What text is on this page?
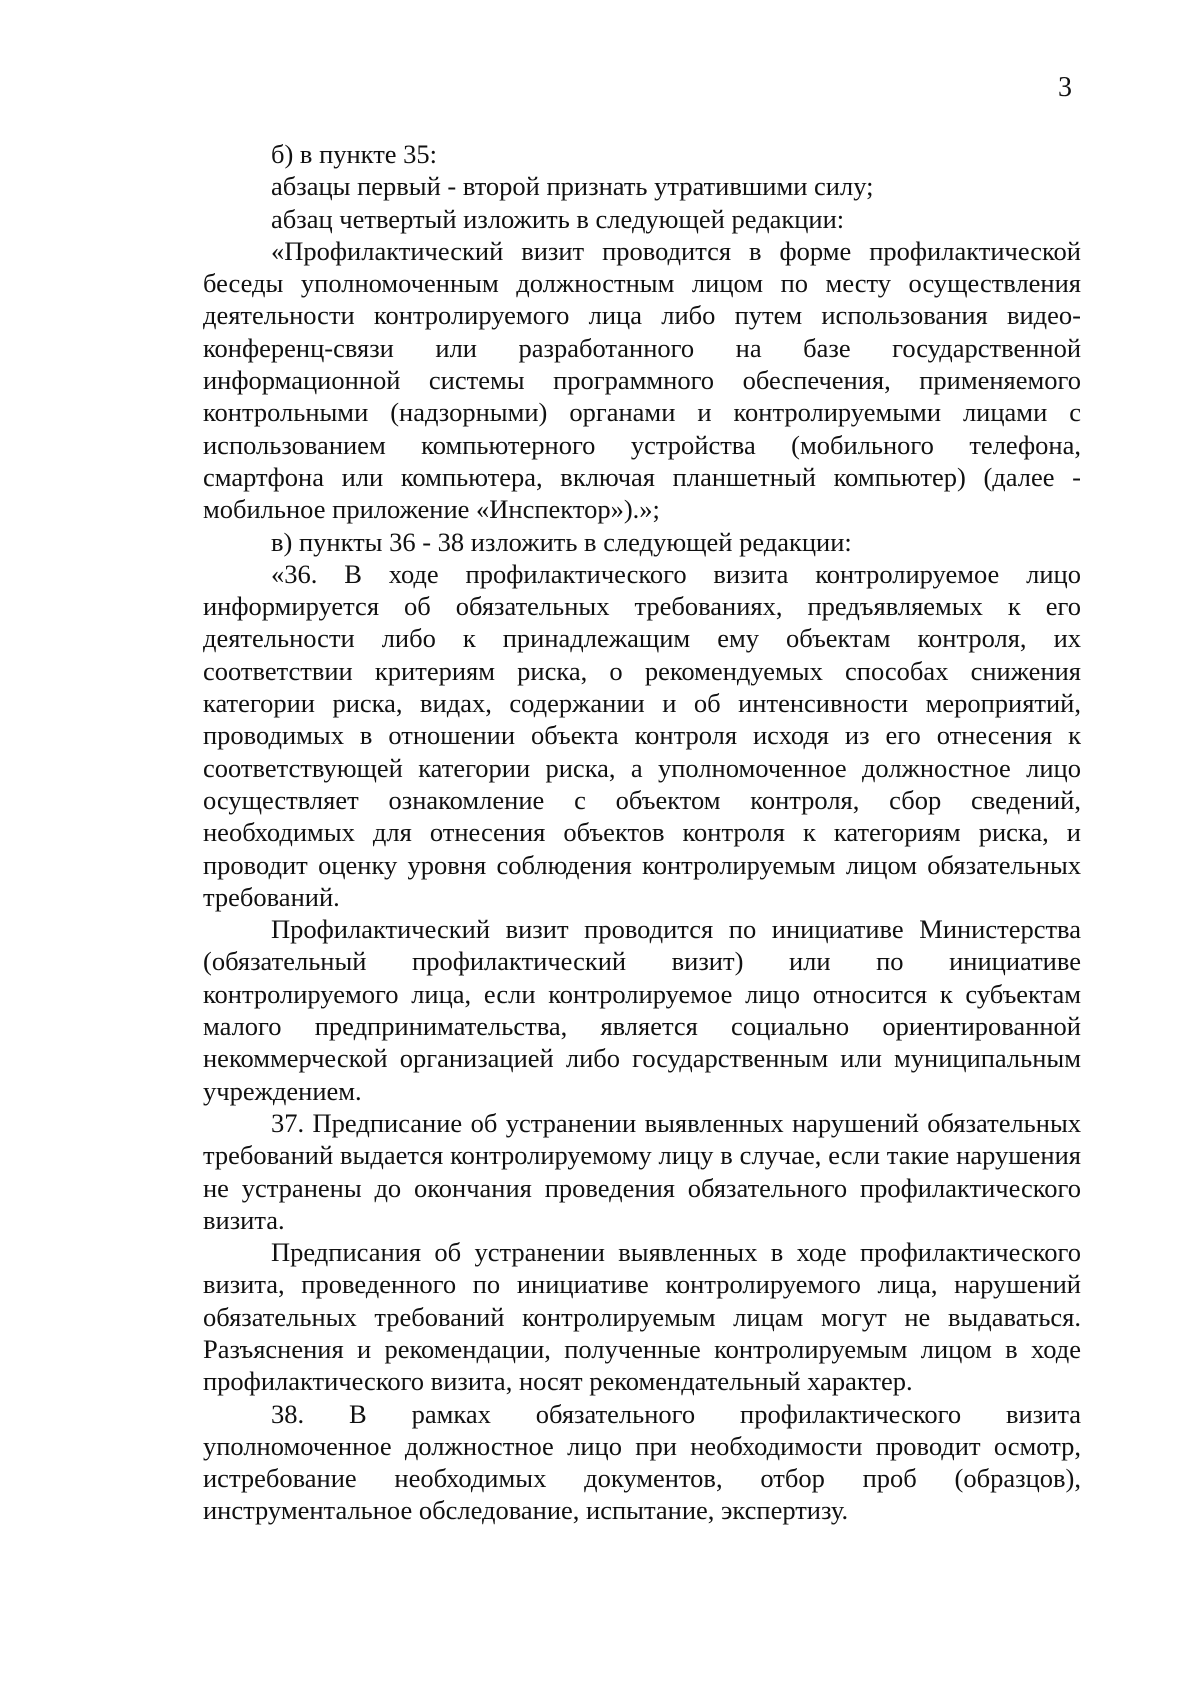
3

б) в пункте 35:

абзацы первый - второй признать утратившими силу;

абзац четвертый изложить в следующей редакции:

«Профилактический визит проводится в форме профилактической беседы уполномоченным должностным лицом по месту осуществления деятельности контролируемого лица либо путем использования видео-конференц-связи или разработанного на базе государственной информационной системы программного обеспечения, применяемого контрольными (надзорными) органами и контролируемыми лицами с использованием компьютерного устройства (мобильного телефона, смартфона или компьютера, включая планшетный компьютер) (далее - мобильное приложение «Инспектор»).»;

в) пункты 36 - 38 изложить в следующей редакции:

«36. В ходе профилактического визита контролируемое лицо информируется об обязательных требованиях, предъявляемых к его деятельности либо к принадлежащим ему объектам контроля, их соответствии критериям риска, о рекомендуемых способах снижения категории риска, видах, содержании и об интенсивности мероприятий, проводимых в отношении объекта контроля исходя из его отнесения к соответствующей категории риска, а уполномоченное должностное лицо осуществляет ознакомление с объектом контроля, сбор сведений, необходимых для отнесения объектов контроля к категориям риска, и проводит оценку уровня соблюдения контролируемым лицом обязательных требований.

Профилактический визит проводится по инициативе Министерства (обязательный профилактический визит) или по инициативе контролируемого лица, если контролируемое лицо относится к субъектам малого предпринимательства, является социально ориентированной некоммерческой организацией либо государственным или муниципальным учреждением.

37. Предписание об устранении выявленных нарушений обязательных требований выдается контролируемому лицу в случае, если такие нарушения не устранены до окончания проведения обязательного профилактического визита.

Предписания об устранении выявленных в ходе профилактического визита, проведенного по инициативе контролируемого лица, нарушений обязательных требований контролируемым лицам могут не выдаваться. Разъяснения и рекомендации, полученные контролируемым лицом в ходе профилактического визита, носят рекомендательный характер.

38. В рамках обязательного профилактического визита уполномоченное должностное лицо при необходимости проводит осмотр, истребование необходимых документов, отбор проб (образцов), инструментальное обследование, испытание, экспертизу.
